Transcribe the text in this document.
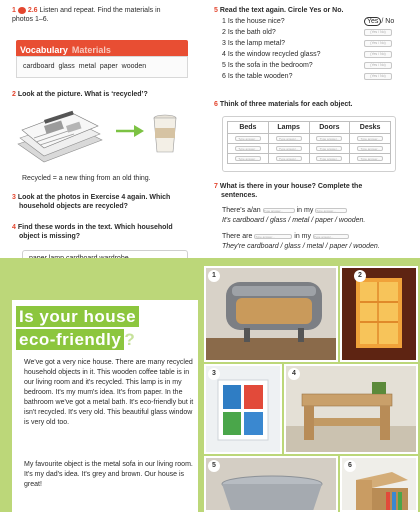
1 2.6 Listen and repeat. Find the materials in
photos 1–6.
Vocabulary Materials
cardboard glass metal paper wooden
2 Look at the picture. What is ‘recycled’?
Recycled = a new thing from an old thing.
3 Look at the photos in Exercise 4 again. Which
household objects are recycled?
4 Find these words in the text. Which household
object is missing?
5 Read the text again. Circle Yes or No.
1 Is the house nice?	Yes / No
2 Is the bath old?	(Yes / No)
3 Is the lamp metal?	(Yes / No)
4 Is the window recycled glass?	(Yes / No)
5 Is the sofa in the bedroom?	(Yes / No)
6 Is the table wooden?	(Yes / No)
6 Think of three materials for each object.
Beds	Lamps	Doors	Desks
Type answer...	Type answer...	Type answer...	Type answer...
Type answer...	Type answer...	Type answer...	Type answer...
Type answer...	Type answer...	Type answer...	Type answer...
7 What is there in your house? Complete the
sentences.
There's a/an Type answer... in my Type answer...
It's cardboard / glass / metal / paper / wooden.
There are Type answer...	in my Type answer...
They're cardboard / glass / metal / paper / wooden.
Is your house
eco-friendly ?
We've got a very nice house. There are many recycled household objects in it. This wooden coffee table is in our living room and it's recycled. This lamp is in my bedroom. It's my mum's idea. It's from paper. In the bathroom we've got a metal bath. It's eco-friendly but it isn't recycled. It's very old. This beautiful glass window is very old too.
My favourite object is the metal sofa in our living room. It's my dad's idea. It's grey and brown. Our house is great!
1	2
3	4
5	6
